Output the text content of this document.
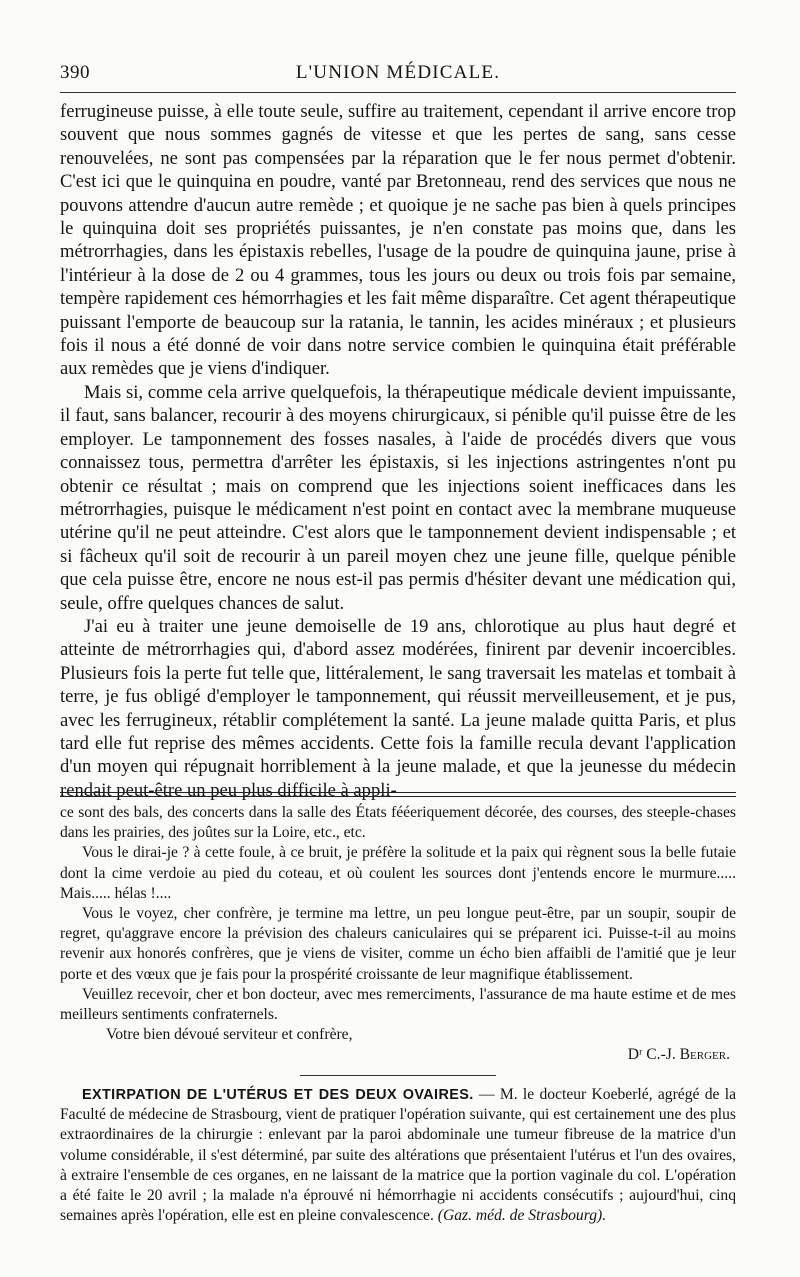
390	L'UNION MÉDICALE.

ferrugineuse puisse, à elle toute seule, suffire au traitement, cependant il arrive encore trop souvent que nous sommes gagnés de vitesse et que les pertes de sang, sans cesse renouvelées, ne sont pas compensées par la réparation que le fer nous permet d'obtenir. C'est ici que le quinquina en poudre, vanté par Bretonneau, rend des services que nous ne pouvons attendre d'aucun autre remède ; et quoique je ne sache pas bien à quels principes le quinquina doit ses propriétés puissantes, je n'en constate pas moins que, dans les métrorrhagies, dans les épistaxis rebelles, l'usage de la poudre de quinquina jaune, prise à l'intérieur à la dose de 2 ou 4 grammes, tous les jours ou deux ou trois fois par semaine, tempère rapidement ces hémorrhagies et les fait même disparaître. Cet agent thérapeutique puissant l'emporte de beaucoup sur la ratania, le tannin, les acides minéraux ; et plusieurs fois il nous a été donné de voir dans notre service combien le quinquina était préférable aux remèdes que je viens d'indiquer.

Mais si, comme cela arrive quelquefois, la thérapeutique médicale devient impuissante, il faut, sans balancer, recourir à des moyens chirurgicaux, si pénible qu'il puisse être de les employer. Le tamponnement des fosses nasales, à l'aide de procédés divers que vous connaissez tous, permettra d'arrêter les épistaxis, si les injections astringentes n'ont pu obtenir ce résultat ; mais on comprend que les injections soient inefficaces dans les métrorrhagies, puisque le médicament n'est point en contact avec la membrane muqueuse utérine qu'il ne peut atteindre. C'est alors que le tamponnement devient indispensable ; et si fâcheux qu'il soit de recourir à un pareil moyen chez une jeune fille, quelque pénible que cela puisse être, encore ne nous est-il pas permis d'hésiter devant une médication qui, seule, offre quelques chances de salut.

J'ai eu à traiter une jeune demoiselle de 19 ans, chlorotique au plus haut degré et atteinte de métrorrhagies qui, d'abord assez modérées, finirent par devenir incoercibles. Plusieurs fois la perte fut telle que, littéralement, le sang traversait les matelas et tombait à terre, je fus obligé d'employer le tamponnement, qui réussit merveilleusement, et je pus, avec les ferrugineux, rétablir complétement la santé. La jeune malade quitta Paris, et plus tard elle fut reprise des mêmes accidents. Cette fois la famille recula devant l'application d'un moyen qui répugnait horriblement à la jeune malade, et que la jeunesse du médecin rendait peut-être un peu plus difficile à appli-

ce sont des bals, des concerts dans la salle des États fééeriquement décorée, des courses, des steeple-chases dans les prairies, des joûtes sur la Loire, etc., etc.

Vous le dirai-je ? à cette foule, à ce bruit, je préfère la solitude et la paix qui règnent sous la belle futaie dont la cime verdoie au pied du coteau, et où coulent les sources dont j'entends encore le murmure..... Mais..... hélas !....

Vous le voyez, cher confrère, je termine ma lettre, un peu longue peut-être, par un soupir, soupir de regret, qu'aggrave encore la prévision des chaleurs caniculaires qui se préparent ici. Puisse-t-il au moins revenir aux honorés confrères, que je viens de visiter, comme un écho bien affaibli de l'amitié que je leur porte et des vœux que je fais pour la prospérité croissante de leur magnifique établissement.

Veuillez recevoir, cher et bon docteur, avec mes remerciments, l'assurance de ma haute estime et de mes meilleurs sentiments confraternels.

Votre bien dévoué serviteur et confrère,

Dʳ C.-J. Berger.

EXTIRPATION DE L'UTÉRUS ET DES DEUX OVAIRES. — M. le docteur Koeberlé, agrégé de la Faculté de médecine de Strasbourg, vient de pratiquer l'opération suivante, qui est certainement une des plus extraordinaires de la chirurgie : enlevant par la paroi abdominale une tumeur fibreuse de la matrice d'un volume considérable, il s'est déterminé, par suite des altérations que présentaient l'utérus et l'un des ovaires, à extraire l'ensemble de ces organes, en ne laissant de la matrice que la portion vaginale du col. L'opération a été faite le 20 avril ; la malade n'a éprouvé ni hémorrhagie ni accidents consécutifs ; aujourd'hui, cinq semaines après l'opération, elle est en pleine convalescence. (Gaz. méd. de Strasbourg).
